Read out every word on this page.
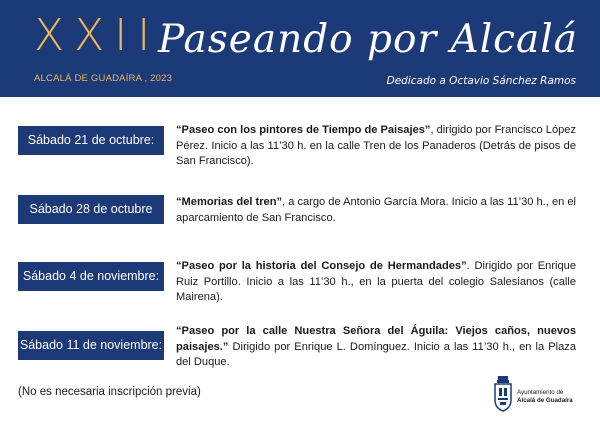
XXII
ALCALÁ DE GUADAÍRA , 2023
Paseando por Alcalá
Dedicado a Octavio Sánchez Ramos
Sábado 21 de octubre:
“Paseo con los pintores de Tiempo de Paisajes”, dirigido por Francisco López Pérez. Inicio a las 11’30 h. en la calle Tren de los Panaderos (Detrás de pisos de San Francisco).
Sábado 28 de octubre	“Memorias del tren”, a cargo de Antonio García Mora. Inicio a las 11’30 h., en el aparcamiento de San Francisco.
Sábado 4 de noviembre:
“Paseo por la historia del Consejo de Hermandades”. Dirigido por Enrique Ruiz Portillo. Inicio a las 11’30 h., en la puerta del colegio Salesianos (calle Mairena).
Sábado 11 de noviembre:
“Paseo por la calle Nuestra Señora del Águila: Viejos caños, nuevos paisajes.” Dirigido por Enrique L. Domínguez. Inicio a las 11’30 h., en la Plaza del Duque.
(No es necesaria inscripción previa)	Ayuntamiento de
Alcalá de Guadaíra
